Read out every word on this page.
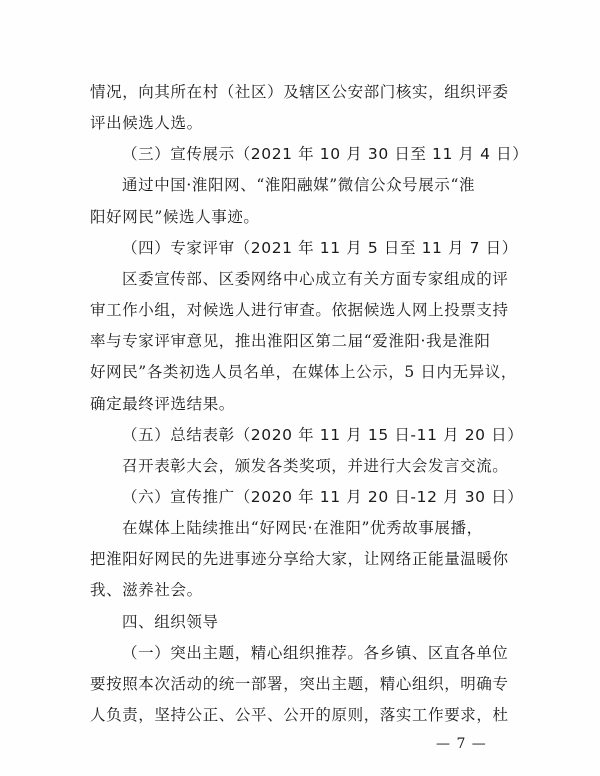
情况，向其所在村（社区）及辖区公安部门核实，组织评委
评出候选人选。
（三）宣传展示（2021 年 10 月 30 日至 11 月 4 日）
通过中国·淮阳网、“淮阳融媒”微信公众号展示“淮
阳好网民”候选人事迹。
（四）专家评审（2021 年 11 月 5 日至 11 月 7 日）
区委宣传部、区委网络中心成立有关方面专家组成的评
审工作小组，对候选人进行审查。依据候选人网上投票支持
率与专家评审意见，推出淮阳区第二届“爱淮阳·我是淮阳
好网民”各类初选人员名单，在媒体上公示，5 日内无异议，
确定最终评选结果。
（五）总结表彰（2020 年 11 月 15 日-11 月 20 日）
召开表彰大会，颁发各类奖项，并进行大会发言交流。
（六）宣传推广（2020 年 11 月 20 日-12 月 30 日）
在媒体上陆续推出“好网民·在淮阳”优秀故事展播，
把淮阳好网民的先进事迹分享给大家，让网络正能量温暖你
我、滋养社会。
四、组织领导
（一）突出主题，精心组织推荐。各乡镇、区直各单位
要按照本次活动的统一部署，突出主题，精心组织，明确专
人负责，坚持公正、公平、公开的原则，落实工作要求，杜
— 7 —
